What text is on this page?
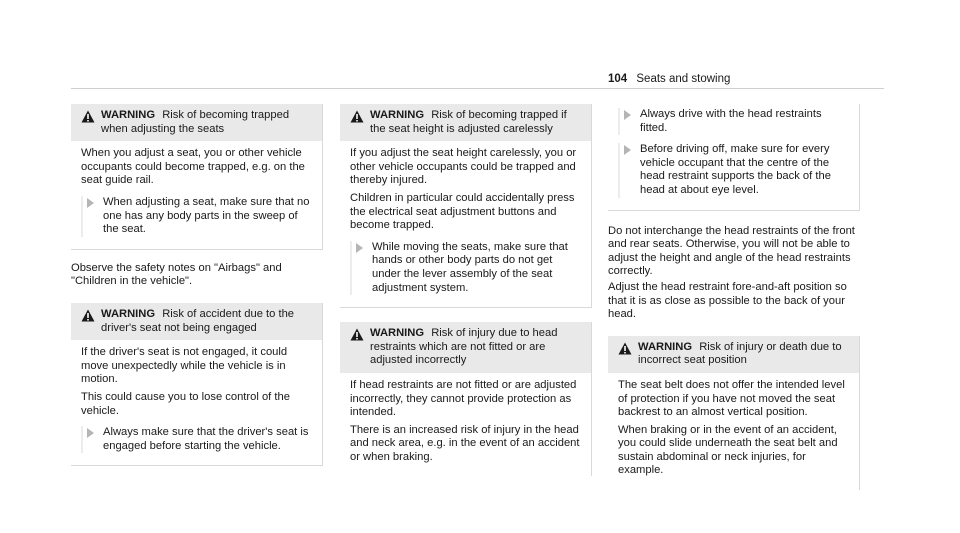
104 Seats and stowing
WARNING Risk of becoming trapped when adjusting the seats

When you adjust a seat, you or other vehicle occupants could become trapped, e.g. on the seat guide rail.

When adjusting a seat, make sure that no one has any body parts in the sweep of the seat.

Observe the safety notes on "Airbags" and "Children in the vehicle".

WARNING Risk of accident due to the driver's seat not being engaged

If the driver's seat is not engaged, it could move unexpectedly while the vehicle is in motion.

This could cause you to lose control of the vehicle.

Always make sure that the driver's seat is engaged before starting the vehicle.
WARNING Risk of becoming trapped if the seat height is adjusted carelessly

If you adjust the seat height carelessly, you or other vehicle occupants could be trapped and thereby injured.

Children in particular could accidentally press the electrical seat adjustment buttons and become trapped.

While moving the seats, make sure that hands or other body parts do not get under the lever assembly of the seat adjustment system.
WARNING Risk of injury due to head restraints which are not fitted or are adjusted incorrectly

If head restraints are not fitted or are adjusted incorrectly, they cannot provide protection as intended.

There is an increased risk of injury in the head and neck area, e.g. in the event of an accident or when braking.

Always drive with the head restraints fitted.
Before driving off, make sure for every vehicle occupant that the centre of the head restraint supports the back of the head at about eye level.

Do not interchange the head restraints of the front and rear seats. Otherwise, you will not be able to adjust the height and angle of the head restraints correctly.

Adjust the head restraint fore-and-aft position so that it is as close as possible to the back of your head.

WARNING Risk of injury or death due to incorrect seat position

The seat belt does not offer the intended level of protection if you have not moved the seat backrest to an almost vertical position.

When braking or in the event of an accident, you could slide underneath the seat belt and sustain abdominal or neck injuries, for example.
